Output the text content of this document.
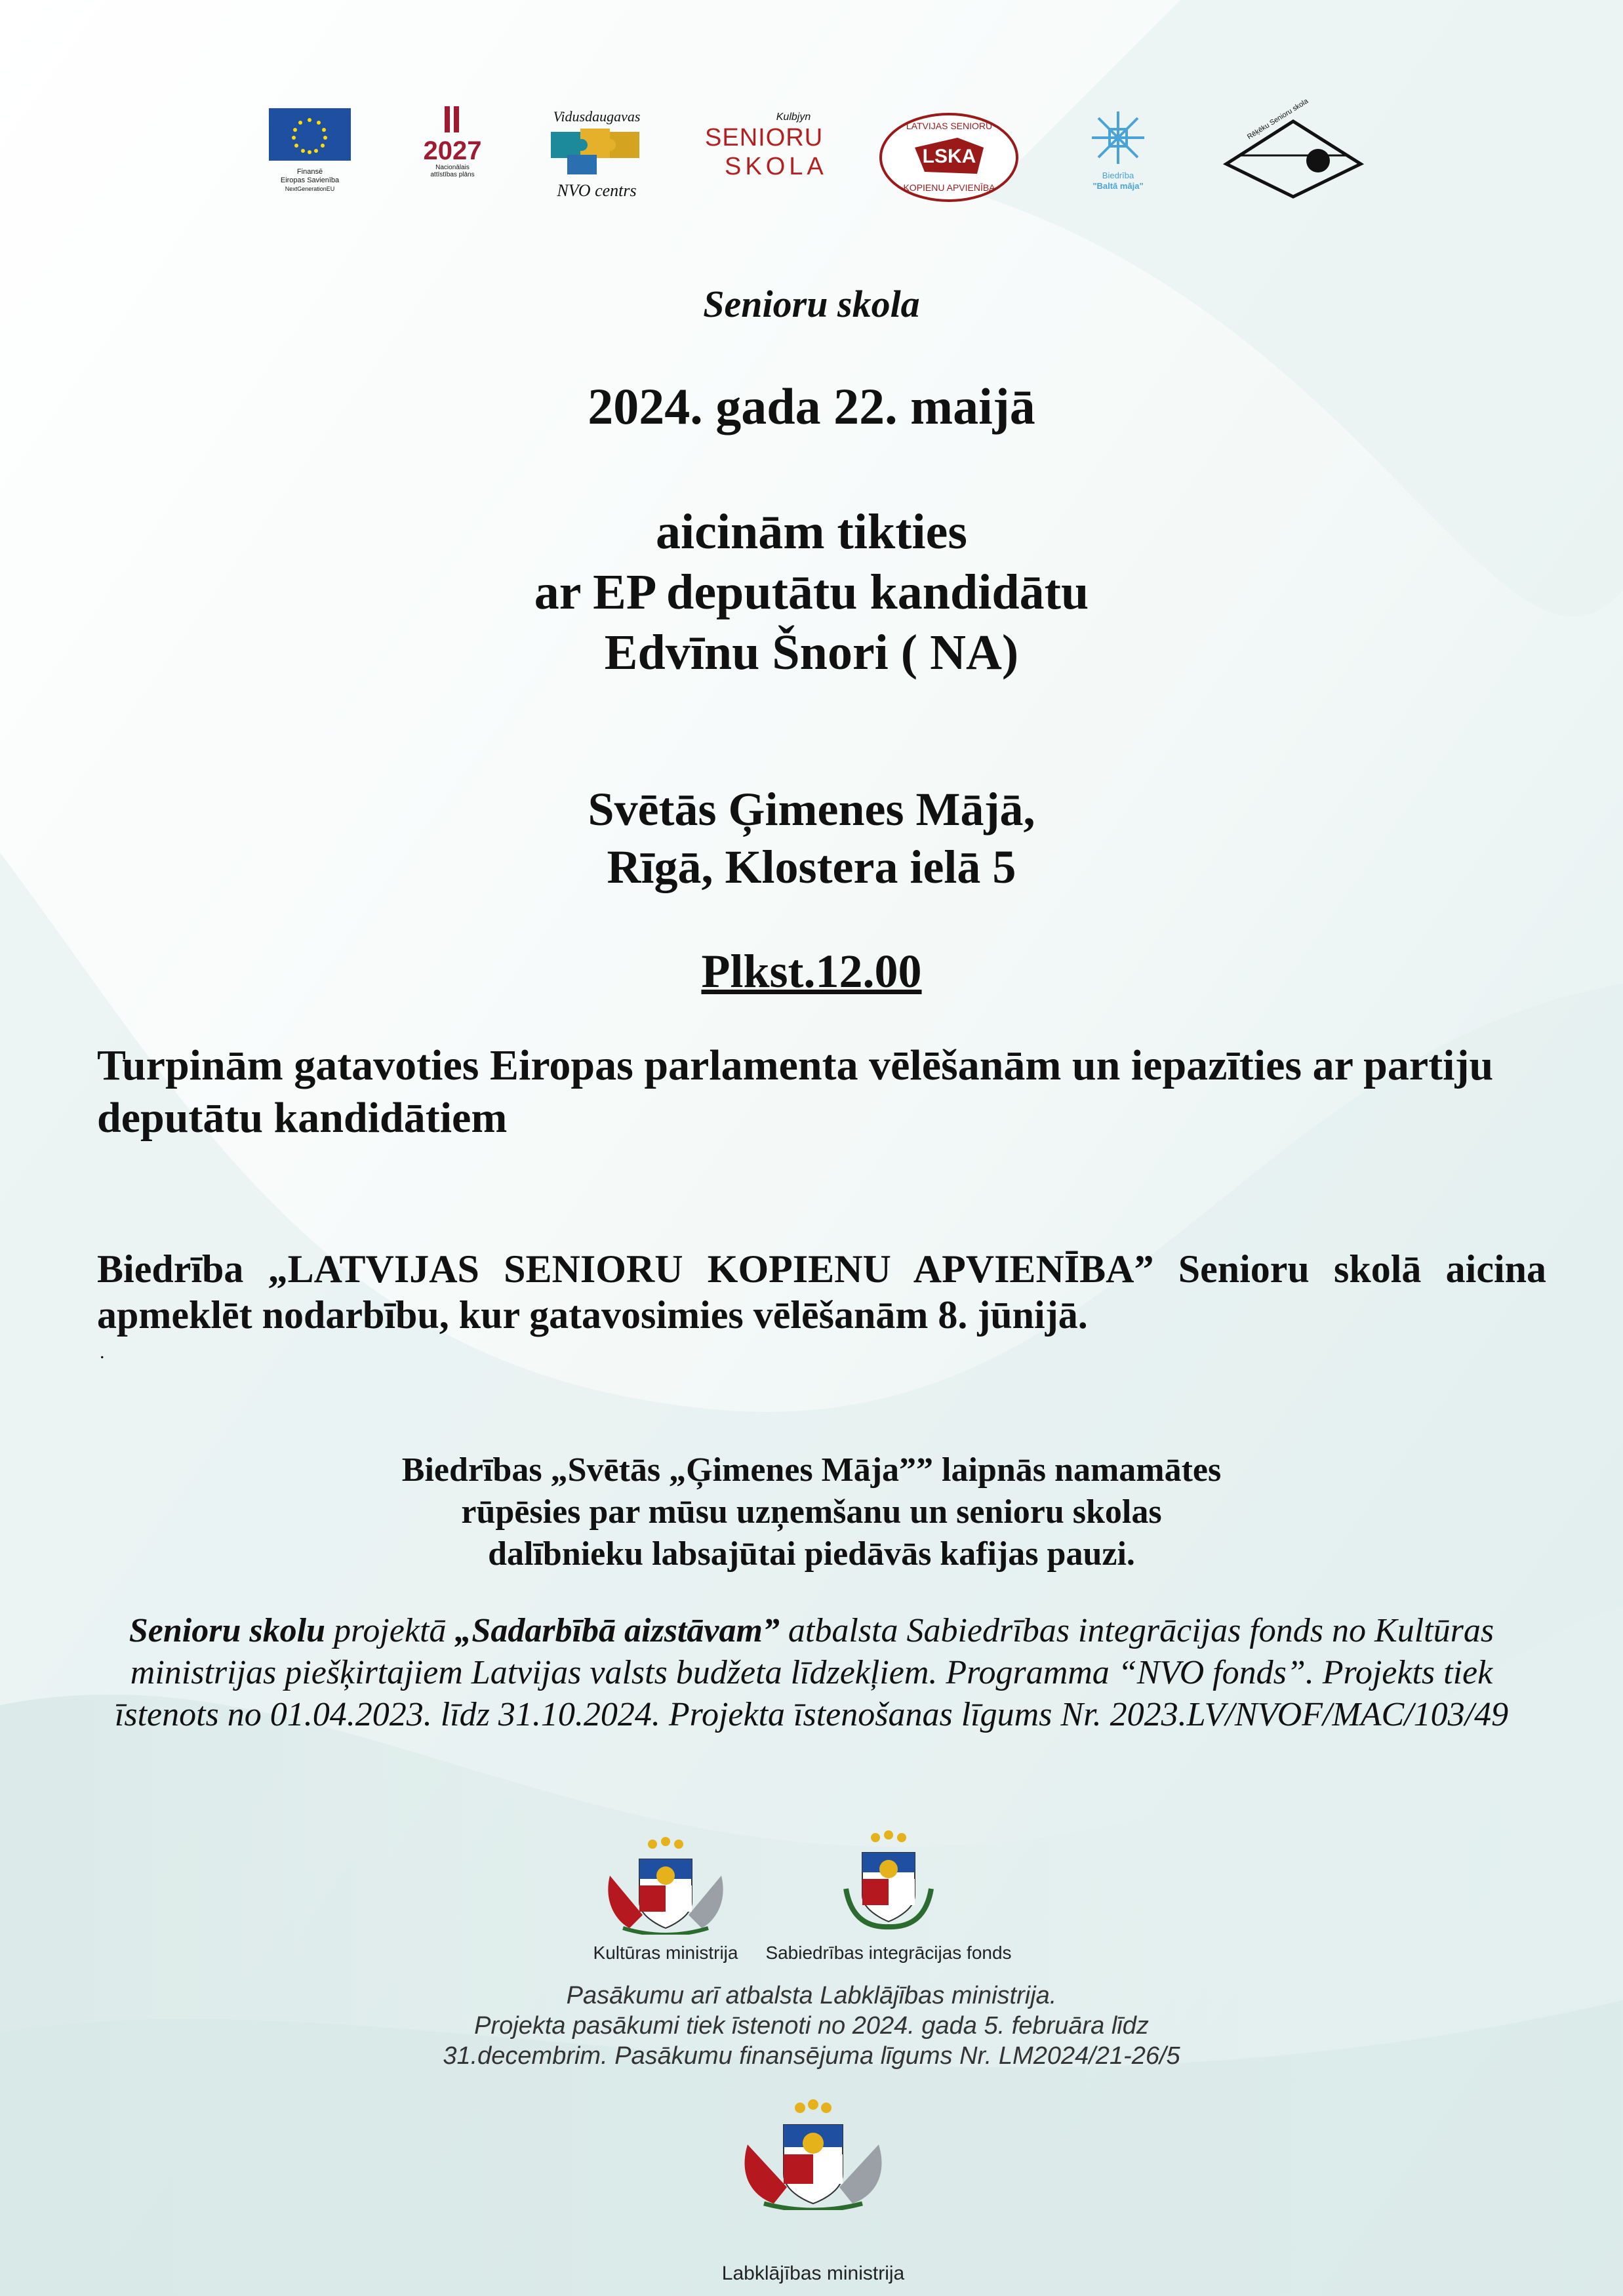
Finansē
Eiropas Savienība
NextGenerationEU
2027
Nacionālais
attīstības plāns
Vidusdaugavas
NVO centrs
Kulbjyn
SENIORU
SKOLA
LATVIJAS SENIORU
LSKA
KOPIENU APVIENĪBA
Biedrība
"Baltā māja"
Rēķēku Senioru skola
Senioru skola
2024. gada 22. maijā
aicinām tikties
ar EP deputātu kandidātu
Edvīnu Šnori ( NA)
Svētās Ģimenes Mājā,
Rīgā, Klostera ielā 5
Plkst.12.00
Turpinām gatavoties Eiropas parlamenta vēlēšanām un iepazīties ar partiju deputātu kandidātiem
Biedrība „LATVIJAS SENIORU KOPIENU APVIENĪBA” Senioru skolā aicina apmeklēt nodarbību, kur gatavosimies vēlēšanām 8. jūnijā.
.
Biedrības „Svētās „Ģimenes Māja”” laipnās namamātes
rūpēsies par mūsu uzņemšanu un senioru skolas
dalībnieku labsajūtai piedāvās kafijas pauzi.
Senioru skolu projektā „Sadarbībā aizstāvam” atbalsta Sabiedrības integrācijas fonds no Kultūras ministrijas piešķirtajiem Latvijas valsts budžeta līdzekļiem. Programma “NVO fonds”. Projekts tiek īstenots no 01.04.2023. līdz 31.10.2024. Projekta īstenošanas līgums Nr. 2023.LV/NVOF/MAC/103/49
Kultūras ministrija Sabiedrības integrācijas fonds
Pasākumu arī atbalsta Labklājības ministrija.
Projekta pasākumi tiek īstenoti no 2024. gada 5. februāra līdz
31.decembrim. Pasākumu finansējuma līgums Nr. LM2024/21-26/5
Labklājības ministrija
